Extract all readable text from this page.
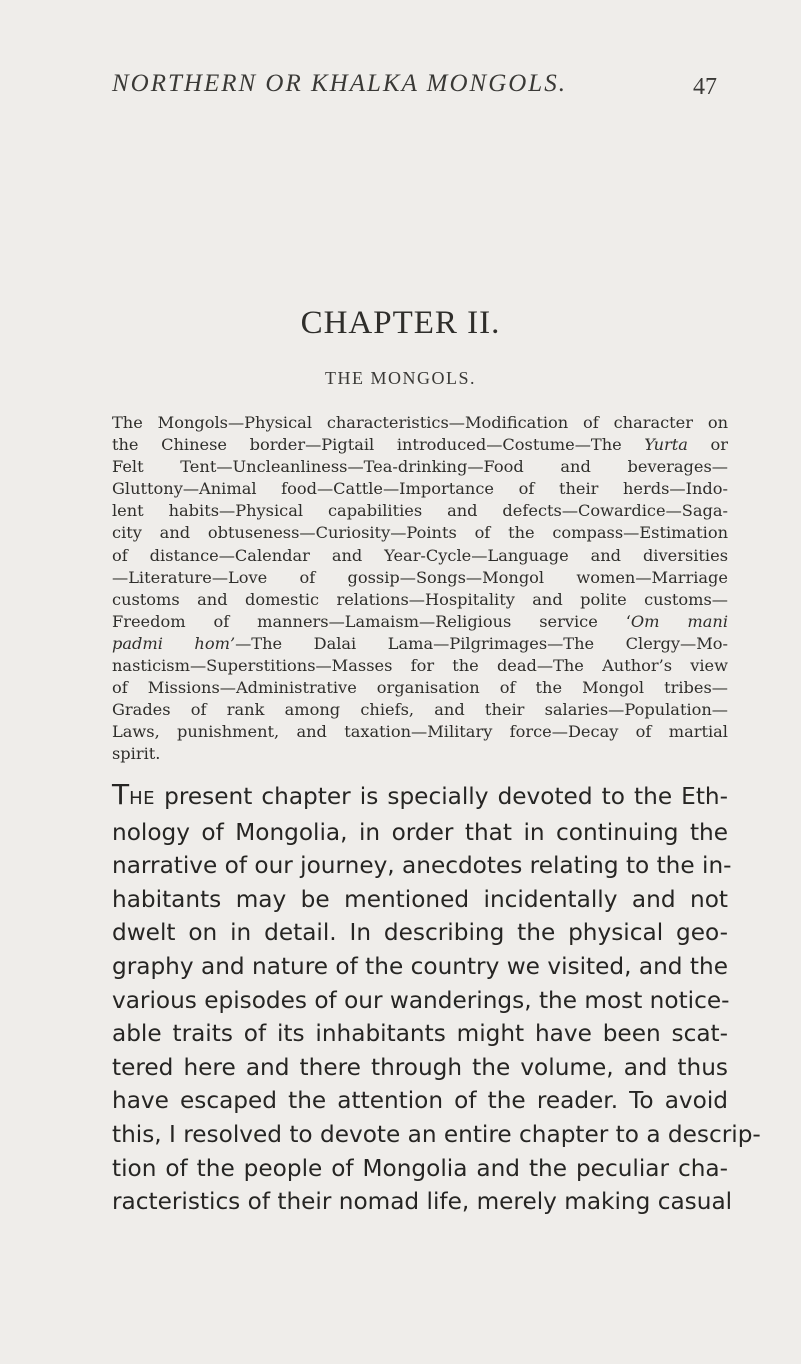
NORTHERN OR KHALKA MONGOLS.	47
CHAPTER II.
THE MONGOLS.
The Mongols—Physical characteristics—Modification of character on
the Chinese border—Pigtail introduced—Costume—The Yurta or
Felt Tent—Uncleanliness—Tea-drinking—Food and beverages—
Gluttony—Animal food—Cattle—Importance of their herds—Indo-
lent habits—Physical capabilities and defects—Cowardice—Saga-
city and obtuseness—Curiosity—Points of the compass—Estimation
of distance—Calendar and Year-Cycle—Language and diversities
—Literature—Love of gossip—Songs—Mongol women—Marriage
customs and domestic relations—Hospitality and polite customs—
Freedom of manners—Lamaism—Religious service ‘Om mani
padmi hom’—The Dalai Lama—Pilgrimages—The Clergy—Mo-
nasticism—Superstitions—Masses for the dead—The Author’s view
of Missions—Administrative organisation of the Mongol tribes—
Grades of rank among chiefs, and their salaries—Population—
Laws, punishment, and taxation—Military force—Decay of martial
spirit.
THE present chapter is specially devoted to the Eth-
nology of Mongolia, in order that in continuing the
narrative of our journey, anecdotes relating to the in-
habitants may be mentioned incidentally and not
dwelt on in detail. In describing the physical geo-
graphy and nature of the country we visited, and the
various episodes of our wanderings, the most notice-
able traits of its inhabitants might have been scat-
tered here and there through the volume, and thus
have escaped the attention of the reader. To avoid
this, I resolved to devote an entire chapter to a descrip-
tion of the people of Mongolia and the peculiar cha-
racteristics of their nomad life, merely making casual
